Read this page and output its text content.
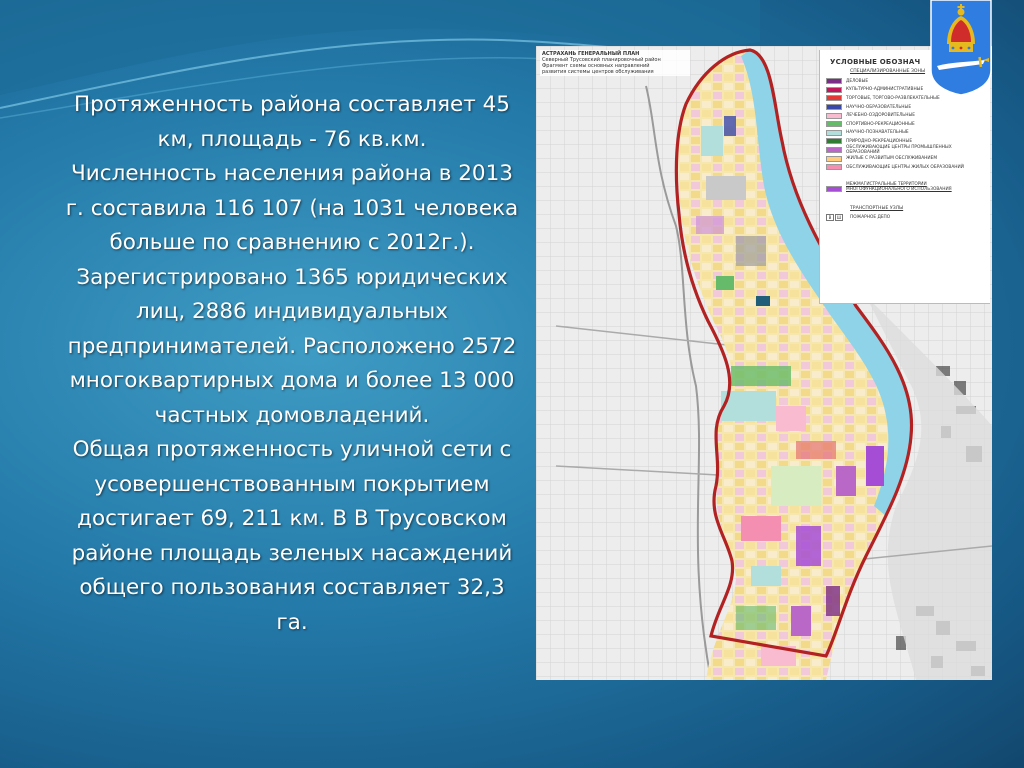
Протяженность района составляет 45 км, площадь - 76 кв.км.

Численность населения района в 2013 г. составила 116 107 (на 1031 человека больше по сравнению с 2012г.).

Зарегистрировано 1365 юридических лиц, 2886 индивидуальных предпринимателей. Расположено 2572 многоквартирных дома и более 13 000 частных домовладений.

Общая протяженность уличной сети с усовершенствованным покрытием достигает 69, 211 км. В В Трусовском районе площадь зеленых насаждений общего пользования составляет 32,3 га.

АСТРАХАНЬ ГЕНЕРАЛЬНЫЙ ПЛАН
Северный Трусовский планировочный район
Фрагмент схемы основных направлений
развития системы центров обслуживания
УСЛОВНЫЕ ОБОЗНАЧ
СПЕЦИАЛИЗИРОВАННЫЕ ЗОНЫ
ДЕЛОВЫЕ
КУЛЬТУРНО-АДМИНИСТРАТИВНЫЕ
ТОРГОВЫЕ, ТОРГОВО-РАЗВЛЕКАТЕЛЬНЫЕ
НАУЧНО-ОБРАЗОВАТЕЛЬНЫЕ
ЛЕЧЕБНО-ОЗДОРОВИТЕЛЬНЫЕ
СПОРТИВНО-РЕКРЕАЦИОННЫЕ
НАУЧНО-ПОЗНАВАТЕЛЬНЫЕ
ПРИРОДНО-РЕКРЕАЦИОННЫЕ
ОБСЛУЖИВАЮЩИЕ ЦЕНТРЫ ПРОМЫШЛЕННЫХ ОБРАЗОВАНИЙ
ЖИЛЫЕ С РАЗВИТЫМ ОБСЛУЖИВАНИЕМ
ОБСЛУЖИВАЮЩИЕ ЦЕНТРЫ ЖИЛЫХ ОБРАЗОВАНИЙ
МЕЖМАГИСТРАЛЬНЫЕ ТЕРРИТОРИИ МНОГОФУНКЦИОНАЛЬНОГО ИСПОЛЬЗОВАНИЯ
ТРАНСПОРТНЫЕ УЗЛЫ
В	Ш	ПОЖАРНОЕ ДЕПО
